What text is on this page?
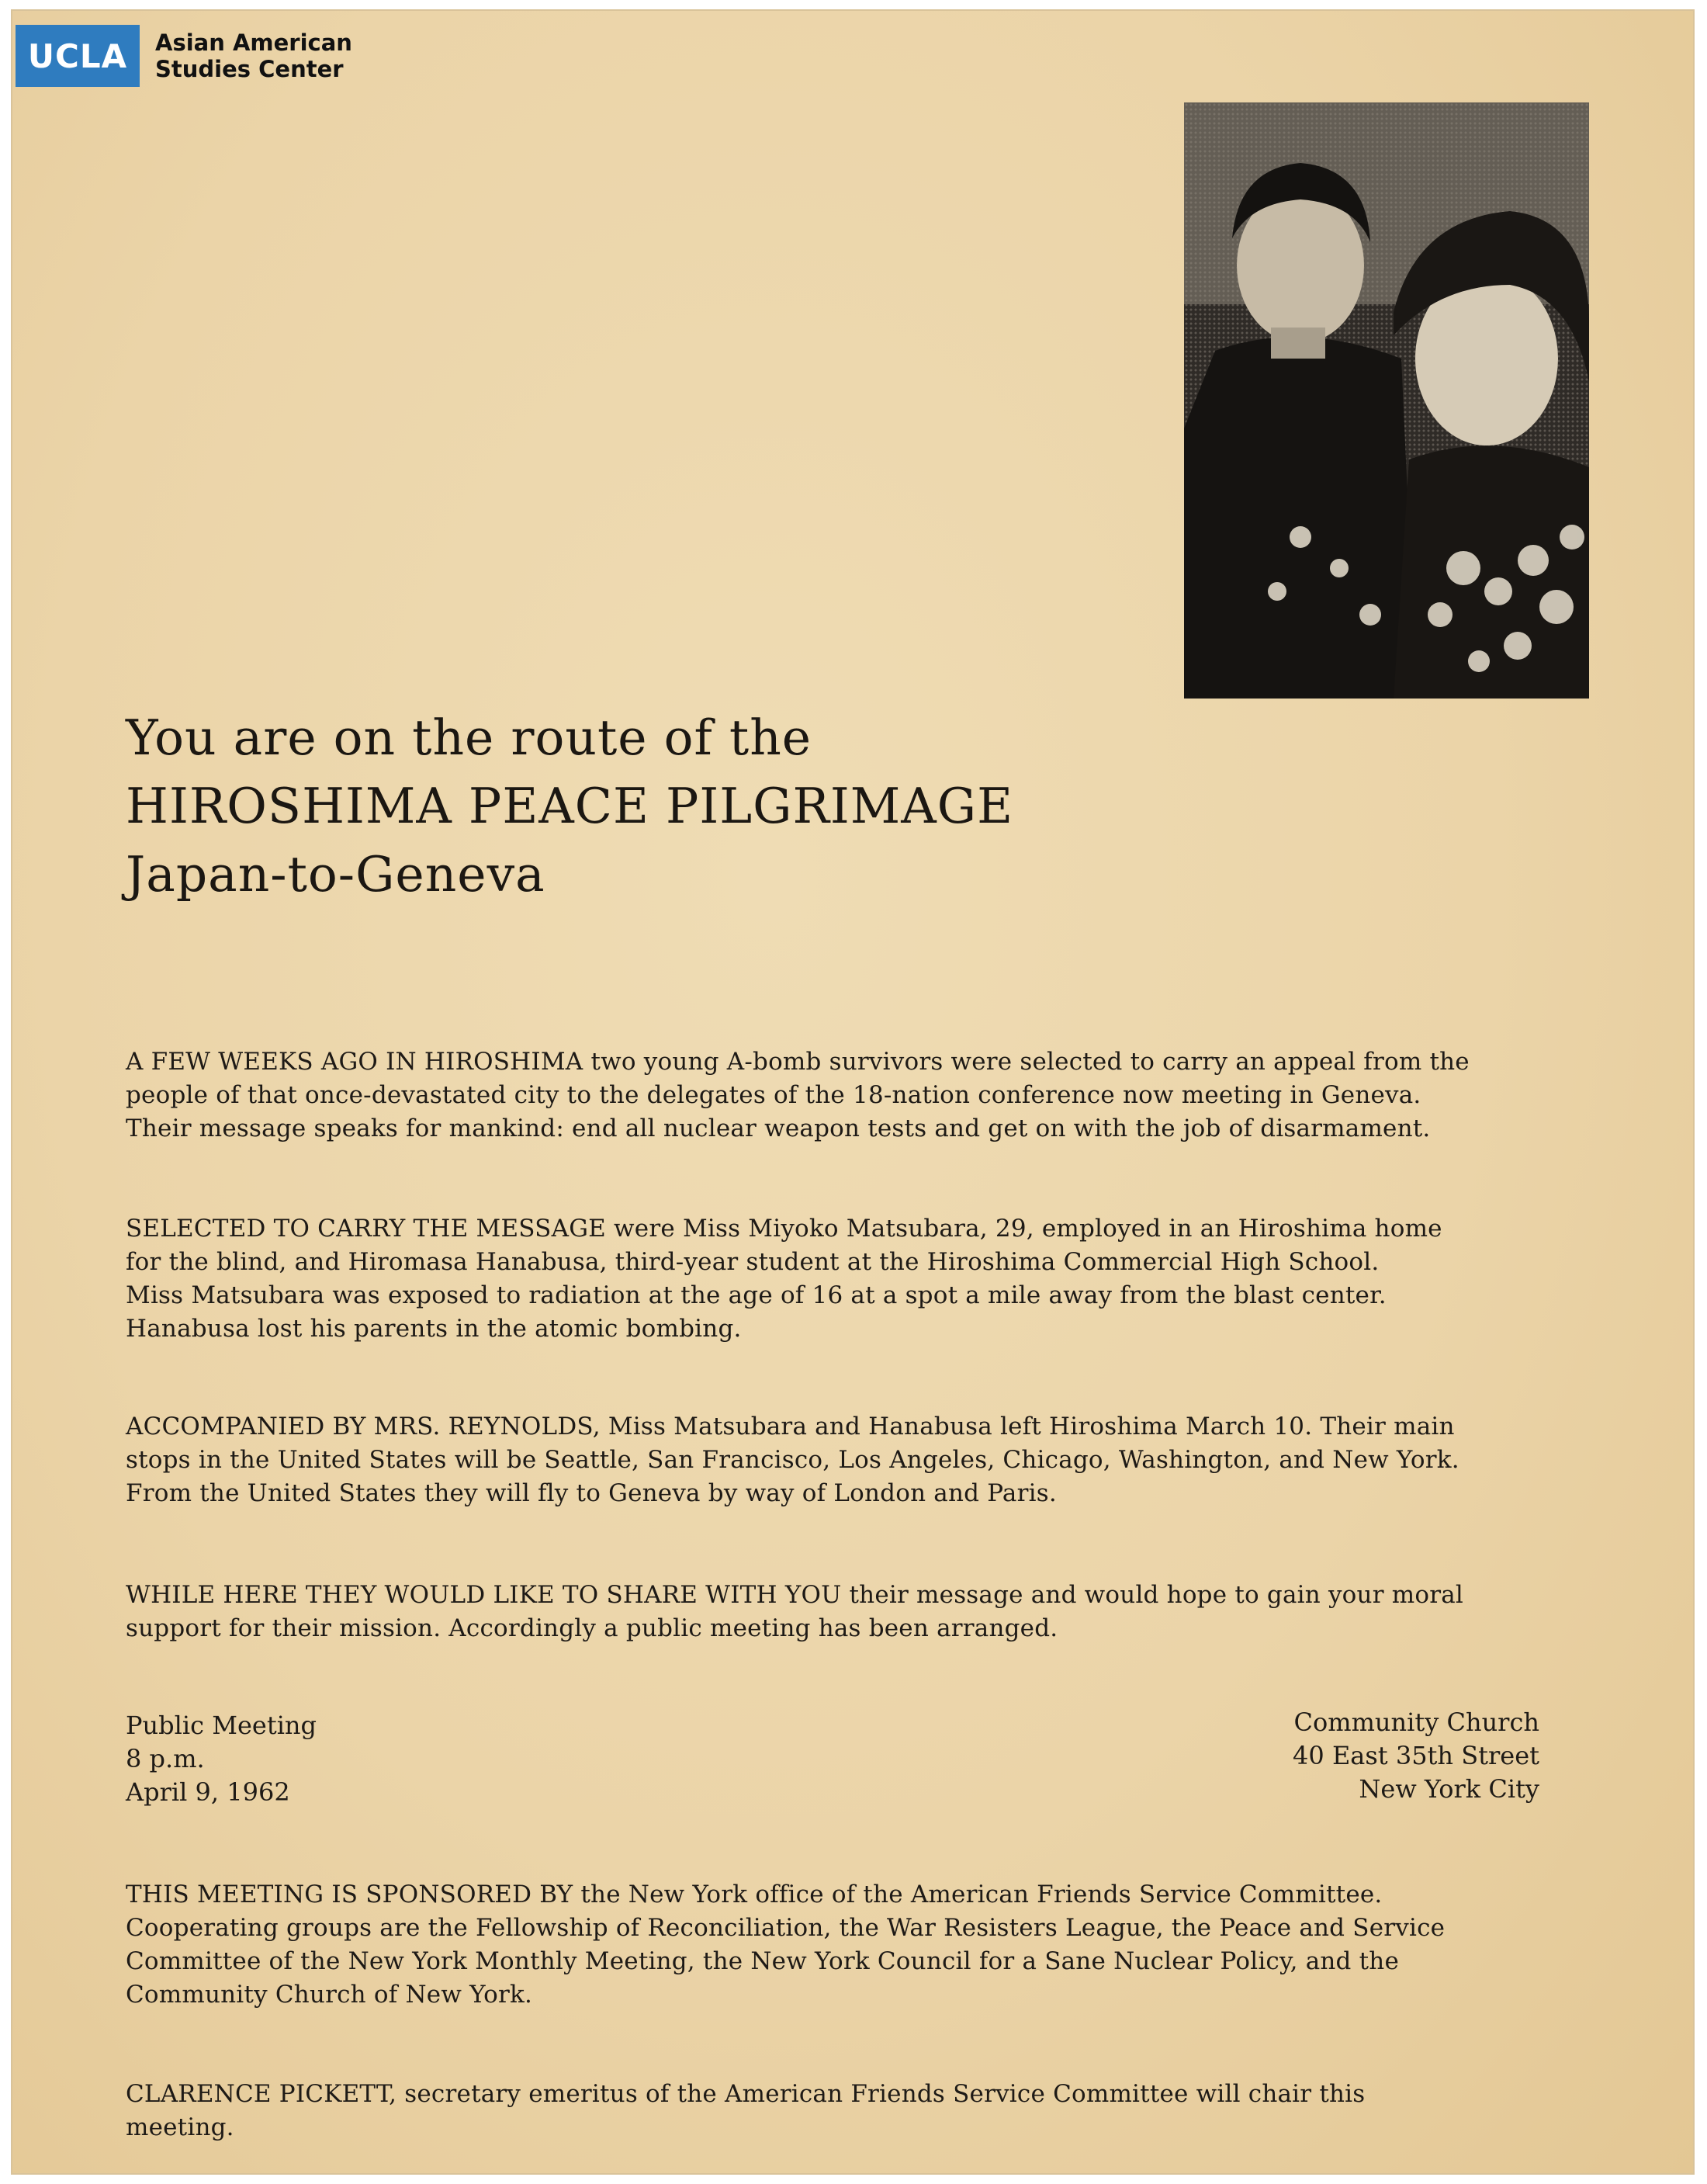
UCLA	Asian American
Studies Center
You are on the route of the
HIROSHIMA PEACE PILGRIMAGE
Japan-to-Geneva
A FEW WEEKS AGO IN HIROSHIMA two young A-bomb survivors were selected to carry an appeal from the
people of that once-devastated city to the delegates of the 18-nation conference now meeting in Geneva.
Their message speaks for mankind: end all nuclear weapon tests and get on with the job of disarmament.
SELECTED TO CARRY THE MESSAGE were Miss Miyoko Matsubara, 29, employed in an Hiroshima home
for the blind, and Hiromasa Hanabusa, third-year student at the Hiroshima Commercial High School.
Miss Matsubara was exposed to radiation at the age of 16 at a spot a mile away from the blast center.
Hanabusa lost his parents in the atomic bombing.
ACCOMPANIED BY MRS. REYNOLDS, Miss Matsubara and Hanabusa left Hiroshima March 10. Their main
stops in the United States will be Seattle, San Francisco, Los Angeles, Chicago, Washington, and New York.
From the United States they will fly to Geneva by way of London and Paris.
WHILE HERE THEY WOULD LIKE TO SHARE WITH YOU their message and would hope to gain your moral
support for their mission. Accordingly a public meeting has been arranged.
Public Meeting
8 p.m.
April 9, 1962
Community Church
40 East 35th Street
New York City
THIS MEETING IS SPONSORED BY the New York office of the American Friends Service Committee.
Cooperating groups are the Fellowship of Reconciliation, the War Resisters League, the Peace and Service
Committee of the New York Monthly Meeting, the New York Council for a Sane Nuclear Policy, and the
Community Church of New York.
CLARENCE PICKETT, secretary emeritus of the American Friends Service Committee will chair this
meeting.
